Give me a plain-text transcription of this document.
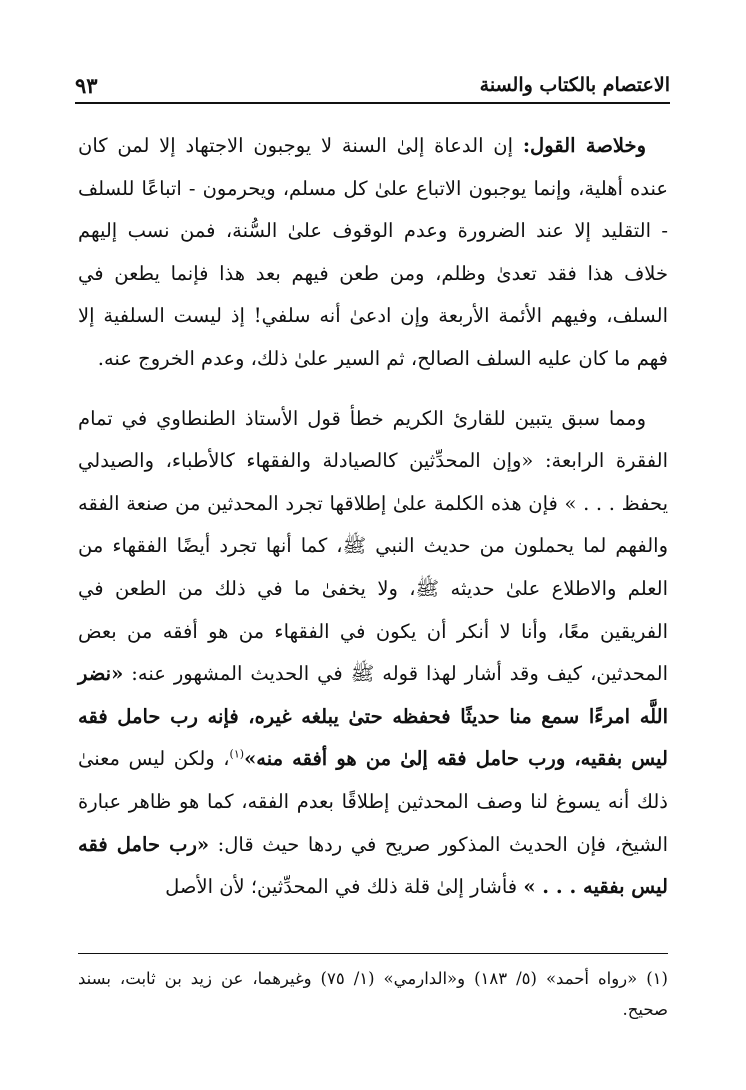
الاعتصام بالكتاب والسنة
٩٣

وخلاصة القول: إن الدعاة إلىٰ السنة لا يوجبون الاجتهاد إلا لمن كان عنده أهلية، وإنما يوجبون الاتباع علىٰ كل مسلم، ويحرمون - اتباعًا للسلف - التقليد إلا عند الضرورة وعدم الوقوف علىٰ السُّنة، فمن نسب إليهم خلاف هذا فقد تعدىٰ وظلم، ومن طعن فيهم بعد هذا فإنما يطعن في السلف، وفيهم الأئمة الأربعة وإن ادعىٰ أنه سلفي! إذ ليست السلفية إلا فهم ما كان عليه السلف الصالح، ثم السير علىٰ ذلك، وعدم الخروج عنه.

ومما سبق يتبين للقارئ الكريم خطأ قول الأستاذ الطنطاوي في تمام الفقرة الرابعة: «وإن المحدِّثين كالصيادلة والفقهاء كالأطباء، والصيدلي يحفظ . . . » فإن هذه الكلمة علىٰ إطلاقها تجرد المحدثين من صنعة الفقه والفهم لما يحملون من حديث النبي ﷺ، كما أنها تجرد أيضًا الفقهاء من العلم والاطلاع علىٰ حديثه ﷺ، ولا يخفىٰ ما في ذلك من الطعن في الفريقين معًا، وأنا لا أنكر أن يكون في الفقهاء من هو أفقه من بعض المحدثين، كيف وقد أشار لهذا قوله ﷺ في الحديث المشهور عنه: «نضر اللَّه امرءًا سمع منا حديثًا فحفظه حتىٰ يبلغه غيره، فإنه رب حامل فقه ليس بفقيه، ورب حامل فقه إلىٰ من هو أفقه منه»$^{(١)}$، ولكن ليس معنىٰ ذلك أنه يسوغ لنا وصف المحدثين إطلاقًا بعدم الفقه، كما هو ظاهر عبارة الشيخ، فإن الحديث المذكور صريح في ردها حيث قال: «رب حامل فقه ليس بفقيه . . . » فأشار إلىٰ قلة ذلك في المحدِّثين؛ لأن الأصل

(١) «رواه أحمد» (٥/ ١٨٣) و«الدارمي» (١/ ٧٥) وغيرهما، عن زيد بن ثابت، بسند صحيح.
